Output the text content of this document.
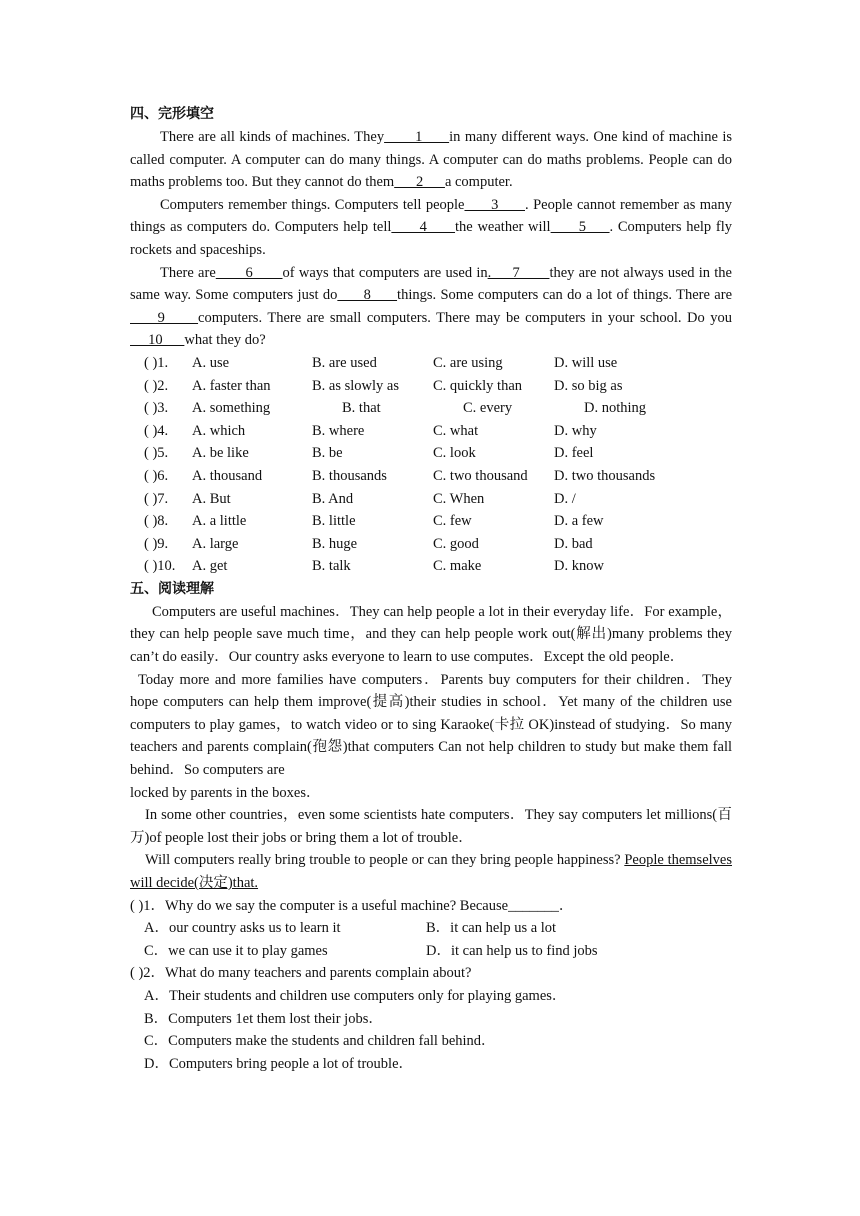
四、完形填空

There are all kinds of machines. They       1      in many different ways. One kind of machine is called computer. A computer can do many things. A computer can do maths problems. People can do maths problems too. But they cannot do them      2      a computer.

Computers remember things. Computers tell people      3      . People cannot remember as many things as computers do. Computers help tell      4      the weather will      5     . Computers help fly rockets and spaceships.

There are       6       of ways that computers are used in.     7       they are not always used in the same way. Some computers just do      8      things. Some computers can do a lot of things. There are     9      computers. There are small computers. There may be computers in your school. Do you     10      what they do?

( )1.	A. use	B. are used	C. are using	D. will use
( )2.	A. faster than	B. as slowly as	C. quickly than	D. so big as
( )3.	A. something	B. that	C. every	D. nothing
( )4.	A. which	B. where	C. what	D. why
( )5.	A. be like	B. be	C. look	D. feel
( )6.	A. thousand	B. thousands	C. two thousand	D. two thousands
( )7.	A. But	B. And	C. When	D. /
( )8.	A. a little	B. little	C. few	D. a few
( )9.	A. large	B. huge	C. good	D. bad
( )10.	A. get	B. talk	C. make	D. know
五、阅读理解

Computers are useful machines．They can help people a lot in their everyday life．For example，they can help people save much time，and they can help people work out(解出)many problems they can’t do easily．Our country asks everyone to learn to use computes．Except the old people．

Today more and more families have computers．Parents buy computers for their children．They hope computers can help them improve(提高)their studies in school．Yet many of the children use computers to play games，to watch video or to sing Karaoke(卡拉 OK)instead of studying．So many teachers and parents complain(孢怨)that computers Can not help children to study but make them fall behind．So computers are

locked by parents in the boxes．

In some other countries，even some scientists hate computers．They say computers let millions(百万)of people lost their jobs or bring them a lot of trouble．

Will computers really bring trouble to people or can they bring people happiness? People themselves will decide(决定)that.

( )1．Why do we say the computer is a useful machine? Because_______．
A．our country asks us to learn it	B．it can help us a lot
C．we can use it to play games	D．it can help us to find jobs
( )2．What do many teachers and parents complain about?
A．Their students and children use computers only for playing games．
B．Computers 1et them lost their jobs．
C．Computers make the students and children fall behind．
D．Computers bring people a lot of trouble．
